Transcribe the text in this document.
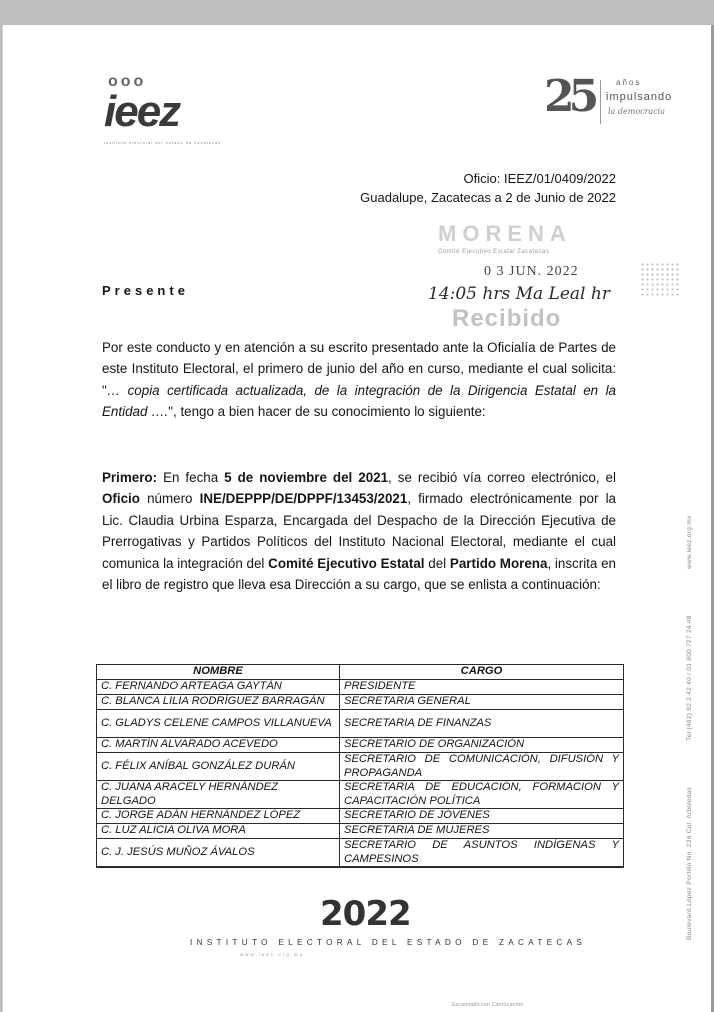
ooo
ieez
instituto electoral del estado de zacatecas
25	años
impulsando
la democracia
Oficio: IEEZ/01/0409/2022
Guadalupe, Zacatecas a 2 de Junio de 2022
MORENA
Comité Ejecutivo Estatal Zacatecas
0 3 JUN. 2022
14:05 hrs Ma Leal hr
Recibido
Presente
Por este conducto y en atención a su escrito presentado ante la Oficialía de Partes de este Instituto Electoral, el primero de junio del año en curso, mediante el cual solicita: "… copia certificada actualizada, de la integración de la Dirigencia Estatal en la Entidad ….", tengo a bien hacer de su conocimiento lo siguiente:
Primero: En fecha 5 de noviembre del 2021, se recibió vía correo electrónico, el Oficio número INE/DEPPP/DE/DPPF/13453/2021, firmado electrónicamente por la Lic. Claudia Urbina Esparza, Encargada del Despacho de la Dirección Ejecutiva de Prerrogativas y Partidos Políticos del Instituto Nacional Electoral, mediante el cual comunica la integración del Comité Ejecutivo Estatal del Partido Morena, inscrita en el libro de registro que lleva esa Dirección a su cargo, que se enlista a continuación:
NOMBRE	CARGO
C. FERNANDO ARTEAGA GAYTÁN	PRESIDENTE
C. BLANCA LILIA RODRÍGUEZ BARRAGÁN	SECRETARIA GENERAL
C. GLADYS CELENE CAMPOS VILLANUEVA	SECRETARIA DE FINANZAS
C. MARTÍN ALVARADO ACEVEDO	SECRETARIO DE ORGANIZACIÓN
C. FÉLIX ANÍBAL GONZÁLEZ DURÁN	SECRETARIO DE COMUNICACIÓN, DIFUSIÓN Y PROPAGANDA
C. JUANA ARACELY HERNÁNDEZ DELGADO	SECRETARIA DE EDUCACIÓN, FORMACION Y CAPACITACIÓN POLÍTICA
C. JORGE ADÁN HERNÁNDEZ LÓPEZ	SECRETARIO DE JÓVENES
C. LUZ ALICIA OLIVA MORA	SECRETARIA DE MUJERES
C. J. JESÚS MUÑOZ ÁVALOS	SECRETARIO DE ASUNTOS INDÍGENAS Y CAMPESINOS
2022
INSTITUTO ELECTORAL DEL ESTADO DE ZACATECAS
www.ieez.org.mx
Boulevard López Portillo No. 236 Col. Arboledas Tel (492) 92 2 42 40 / 01 800 727 24 48 www.ieez.org.mx
Escaneado con CamScanner
